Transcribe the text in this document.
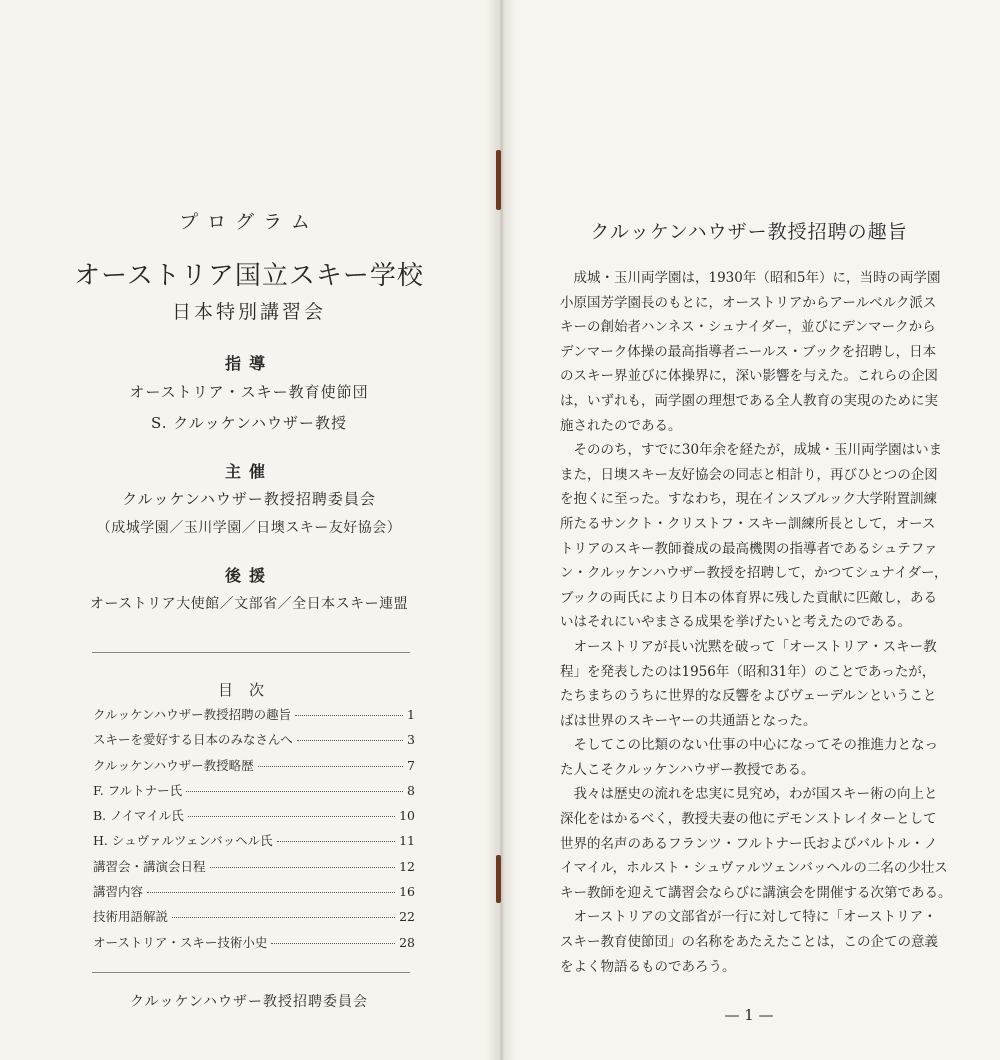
プログラム
オーストリア国立スキー学校
日本特別講習会
指導
オーストリア・スキー教育使節団
S. クルッケンハウザー教授
主催
クルッケンハウザー教授招聘委員会
（成城学園／玉川学園／日墺スキー友好協会）
後援
オーストリア大使館／文部省／全日本スキー連盟
目次
クルッケンハウザー教授招聘の趣旨	1
スキーを愛好する日本のみなさんへ	3
クルッケンハウザー教授略歴	7
F. フルトナー氏	8
B. ノイマイル氏	10
H. シュヴァルツェンバッヘル氏	11
講習会・講演会日程	12
講習内容	16
技術用語解説	22
オーストリア・スキー技術小史	28
クルッケンハウザー教授招聘委員会
クルッケンハウザー教授招聘の趣旨

　成城・玉川両学園は，1930年（昭和5年）に，当時の両学園

小原国芳学園長のもとに，オーストリアからアールベルク派ス

キーの創始者ハンネス・シュナイダー，並びにデンマークから

デンマーク体操の最高指導者ニールス・ブックを招聘し，日本

のスキー界並びに体操界に，深い影響を与えた。これらの企図

は，いずれも，両学園の理想である全人教育の実現のために実

施されたのである。

　そののち，すでに30年余を経たが，成城・玉川両学園はいま

また，日墺スキー友好協会の同志と相計り，再びひとつの企図

を抱くに至った。すなわち，現在インスブルック大学附置訓練

所たるサンクト・クリストフ・スキー訓練所長として，オース

トリアのスキー教師養成の最高機関の指導者であるシュテファ

ン・クルッケンハウザー教授を招聘して，かつてシュナイダー，

ブックの両氏により日本の体育界に残した貢献に匹敵し，ある

いはそれにいやまさる成果を挙げたいと考えたのである。

　オーストリアが長い沈黙を破って「オーストリア・スキー教

程」を発表したのは1956年（昭和31年）のことであったが，

たちまちのうちに世界的な反響をよびヴェーデルンということ

ばは世界のスキーヤーの共通語となった。

　そしてこの比類のない仕事の中心になってその推進力となっ

た人こそクルッケンハウザー教授である。

　我々は歴史の流れを忠実に見究め，わが国スキー術の向上と

深化をはかるべく，教授夫妻の他にデモンストレイターとして

世界的名声のあるフランツ・フルトナー氏およびバルトル・ノ

イマイル，ホルスト・シュヴァルツェンバッヘルの二名の少壮ス

キー教師を迎えて講習会ならびに講演会を開催する次第である。

　オーストリアの文部省が一行に対して特に「オーストリア・

スキー教育使節団」の名称をあたえたことは，この企ての意義

をよく物語るものであろう。

— 1 —
